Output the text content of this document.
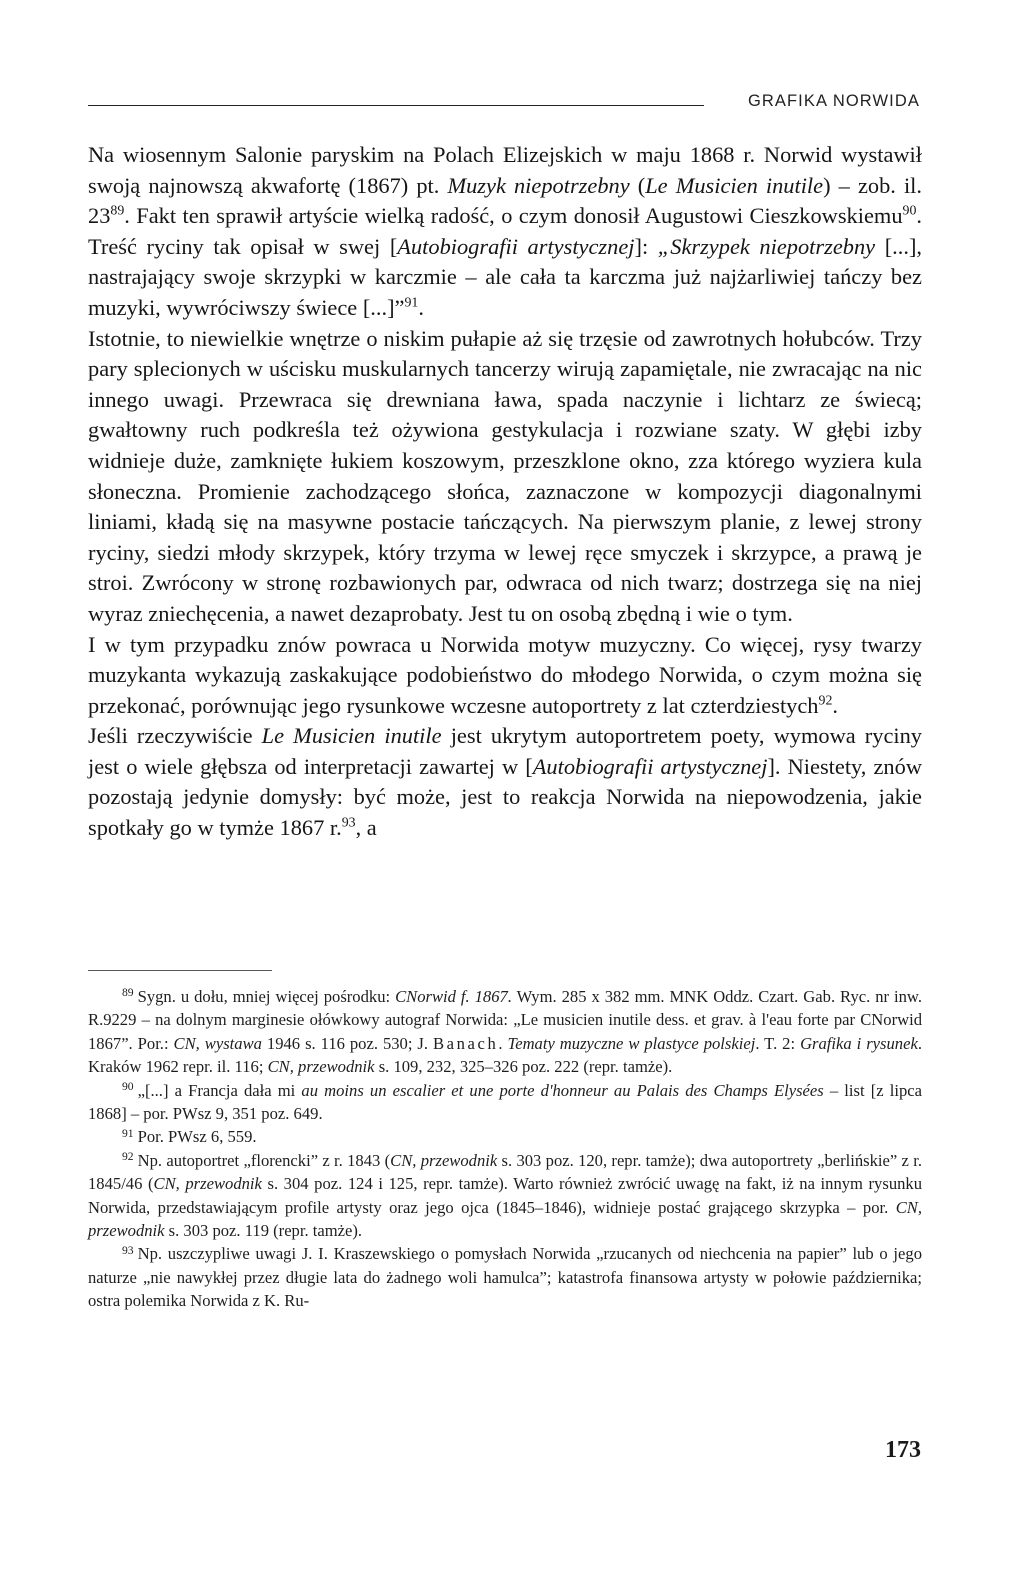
GRAFIKA NORWIDA

Na wiosennym Salonie paryskim na Polach Elizejskich w maju 1868 r. Norwid wystawił swoją najnowszą akwafortę (1867) pt. Muzyk niepotrzebny (Le Musicien inutile) – zob. il. $23^{89}$. Fakt ten sprawił artyście wielką radość, o czym donosił Augustowi Cieszkowskiemu$^{90}$. Treść ryciny tak opisał w swej [Autobiografii artystycznej]: „Skrzypek niepotrzebny [...], nastrajający swoje skrzypki w karczmie – ale cała ta karczma już najżarliwiej tańczy bez muzyki, wywróciwszy świece [...]”$^{91}$.

Istotnie, to niewielkie wnętrze o niskim pułapie aż się trzęsie od zawrotnych hołubców. Trzy pary splecionych w uścisku muskularnych tancerzy wirują zapamiętale, nie zwracając na nic innego uwagi. Przewraca się drewniana ława, spada naczynie i lichtarz ze świecą; gwałtowny ruch podkreśla też ożywiona gestykulacja i rozwiane szaty. W głębi izby widnieje duże, zamknięte łukiem koszowym, przeszklone okno, zza którego wyziera kula słoneczna. Promienie zachodzącego słońca, zaznaczone w kompozycji diagonalnymi liniami, kładą się na masywne postacie tańczących. Na pierwszym planie, z lewej strony ryciny, siedzi młody skrzypek, który trzyma w lewej ręce smyczek i skrzypce, a prawą je stroi. Zwrócony w stronę rozbawionych par, odwraca od nich twarz; dostrzega się na niej wyraz zniechęcenia, a nawet dezaprobaty. Jest tu on osobą zbędną i wie o tym.

I w tym przypadku znów powraca u Norwida motyw muzyczny. Co więcej, rysy twarzy muzykanta wykazują zaskakujące podobieństwo do młodego Norwida, o czym można się przekonać, porównując jego rysunkowe wczesne autoportrety z lat czterdziestych$^{92}$.

Jeśli rzeczywiście Le Musicien inutile jest ukrytym autoportretem poety, wymowa ryciny jest o wiele głębsza od interpretacji zawartej w [Autobiografii artystycznej]. Niestety, znów pozostają jedynie domysły: być może, jest to reakcja Norwida na niepowodzenia, jakie spotkały go w tymże 1867 r.$^{93}$, a

$^{89}$ Sygn. u dołu, mniej więcej pośrodku: CNorwid f. 1867. Wym. 285 x 382 mm. MNK Oddz. Czart. Gab. Ryc. nr inw. R.9229 – na dolnym marginesie ołówkowy autograf Norwida: „Le musicien inutile dess. et grav. à l'eau forte par CNorwid 1867”. Por.: CN, wystawa 1946 s. 116 poz. 530; J. Banach. Tematy muzyczne w plastyce polskiej. T. 2: Grafika i rysunek. Kraków 1962 repr. il. 116; CN, przewodnik s. 109, 232, 325–326 poz. 222 (repr. tamże).

$^{90}$ „[...] a Francja dała mi au moins un escalier et une porte d'honneur au Palais des Champs Elysées – list [z lipca 1868] – por. PWsz 9, 351 poz. 649.

$^{91}$ Por. PWsz 6, 559.

$^{92}$ Np. autoportret „florencki” z r. 1843 (CN, przewodnik s. 303 poz. 120, repr. tamże); dwa autoportrety „berlińskie” z r. 1845/46 (CN, przewodnik s. 304 poz. 124 i 125, repr. tamże). Warto również zwrócić uwagę na fakt, iż na innym rysunku Norwida, przedstawiającym profile artysty oraz jego ojca (1845–1846), widnieje postać grającego skrzypka – por. CN, przewodnik s. 303 poz. 119 (repr. tamże).

$^{93}$ Np. uszczypliwe uwagi J. I. Kraszewskiego o pomysłach Norwida „rzucanych od niechcenia na papier” lub o jego naturze „nie nawykłej przez długie lata do żadnego woli hamulca”; katastrofa finansowa artysty w połowie października; ostra polemika Norwida z K. Ru-

173
